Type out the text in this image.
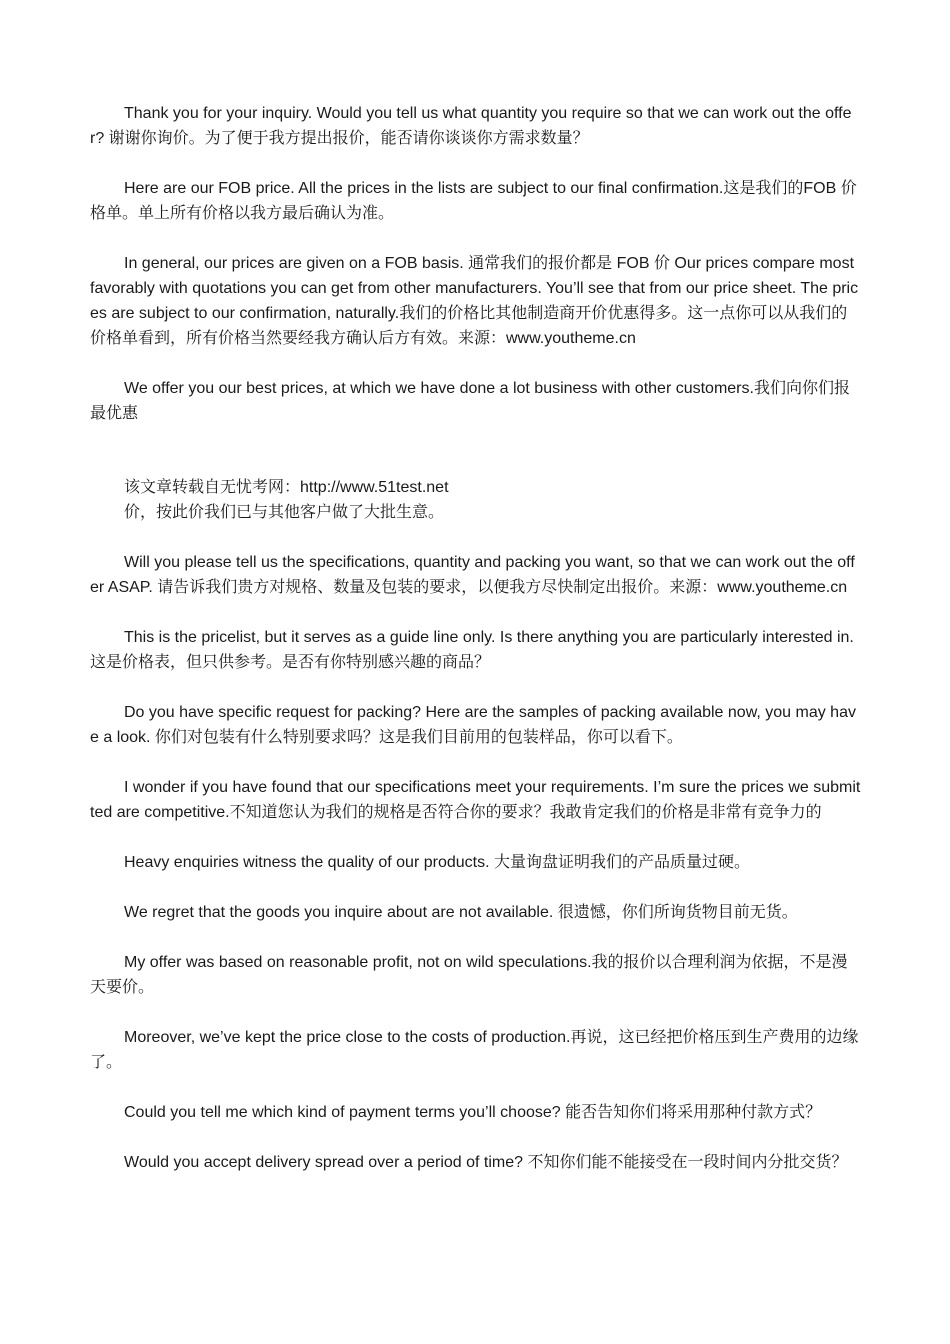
Thank you for your inquiry. Would you tell us what quantity you require so that we can work out the offer? 谢谢你询价。为了便于我方提出报价，能否请你谈谈你方需求数量？

Here are our FOB price. All the prices in the lists are subject to our final confirmation.这是我们的FOB 价格单。单上所有价格以我方最后确认为准。

In general, our prices are given on a FOB basis. 通常我们的报价都是 FOB 价 Our prices compare most favorably with quotations you can get from other manufacturers. You’ll see that from our price sheet. The prices are subject to our confirmation, naturally.我们的价格比其他制造商开价优惠得多。这一点你可以从我们的价格单看到，所有价格当然要经我方确认后方有效。来源：www.youtheme.cn

We offer you our best prices, at which we have done a lot business with other customers.我们向你们报最优惠

该文章转载自无忧考网：http://www.51test.net

价，按此价我们已与其他客户做了大批生意。

Will you please tell us the specifications, quantity and packing you want, so that we can work out the offer ASAP. 请告诉我们贵方对规格、数量及包装的要求，以便我方尽快制定出报价。来源：www.youtheme.cn

This is the pricelist, but it serves as a guide line only. Is there anything you are particularly interested in. 这是价格表，但只供参考。是否有你特别感兴趣的商品？

Do you have specific request for packing? Here are the samples of packing available now, you may have a look. 你们对包装有什么特别要求吗？这是我们目前用的包装样品，你可以看下。

I wonder if you have found that our specifications meet your requirements. I’m sure the prices we submitted are competitive.不知道您认为我们的规格是否符合你的要求？我敢肯定我们的价格是非常有竞争力的

Heavy enquiries witness the quality of our products. 大量询盘证明我们的产品质量过硬。

We regret that the goods you inquire about are not available. 很遗憾，你们所询货物目前无货。

My offer was based on reasonable profit, not on wild speculations.我的报价以合理利润为依据，不是漫天要价。

Moreover, we’ve kept the price close to the costs of production.再说，这已经把价格压到生产费用的边缘了。

Could you tell me which kind of payment terms you’ll choose? 能否告知你们将采用那种付款方式？

Would you accept delivery spread over a period of time? 不知你们能不能接受在一段时间内分批交货？
